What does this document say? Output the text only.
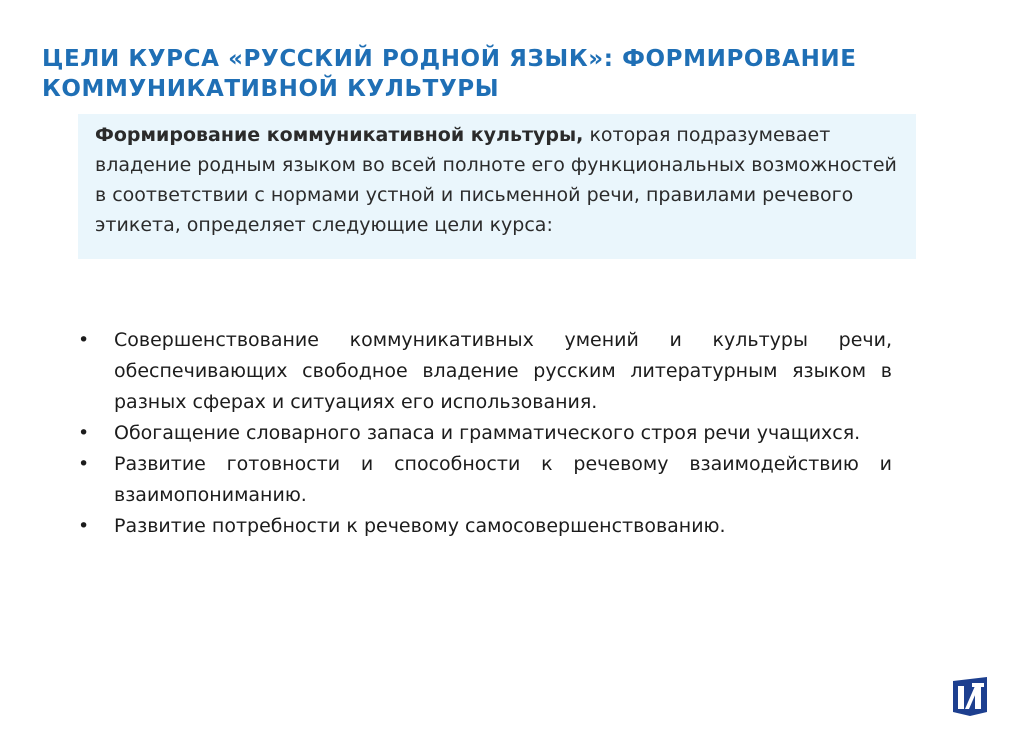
ЦЕЛИ КУРСА «РУССКИЙ РОДНОЙ ЯЗЫК»: ФОРМИРОВАНИЕ КОММУНИКАТИВНОЙ КУЛЬТУРЫ

Формирование коммуникативной культуры, которая подразумевает владение родным языком во всей полноте его функциональных возможностей в соответствии с нормами устной и письменной речи, правилами речевого этикета, определяет следующие цели курса:

•	Совершенствование коммуникативных умений и культуры речи, обеспечивающих свободное владение русским литературным языком в разных сферах и ситуациях его использования.
•	Обогащение словарного запаса и грамматического строя речи учащихся.
•	Развитие готовности и способности к речевому взаимодействию и взаимопониманию.
•	Развитие потребности к речевому самосовершенствованию.
